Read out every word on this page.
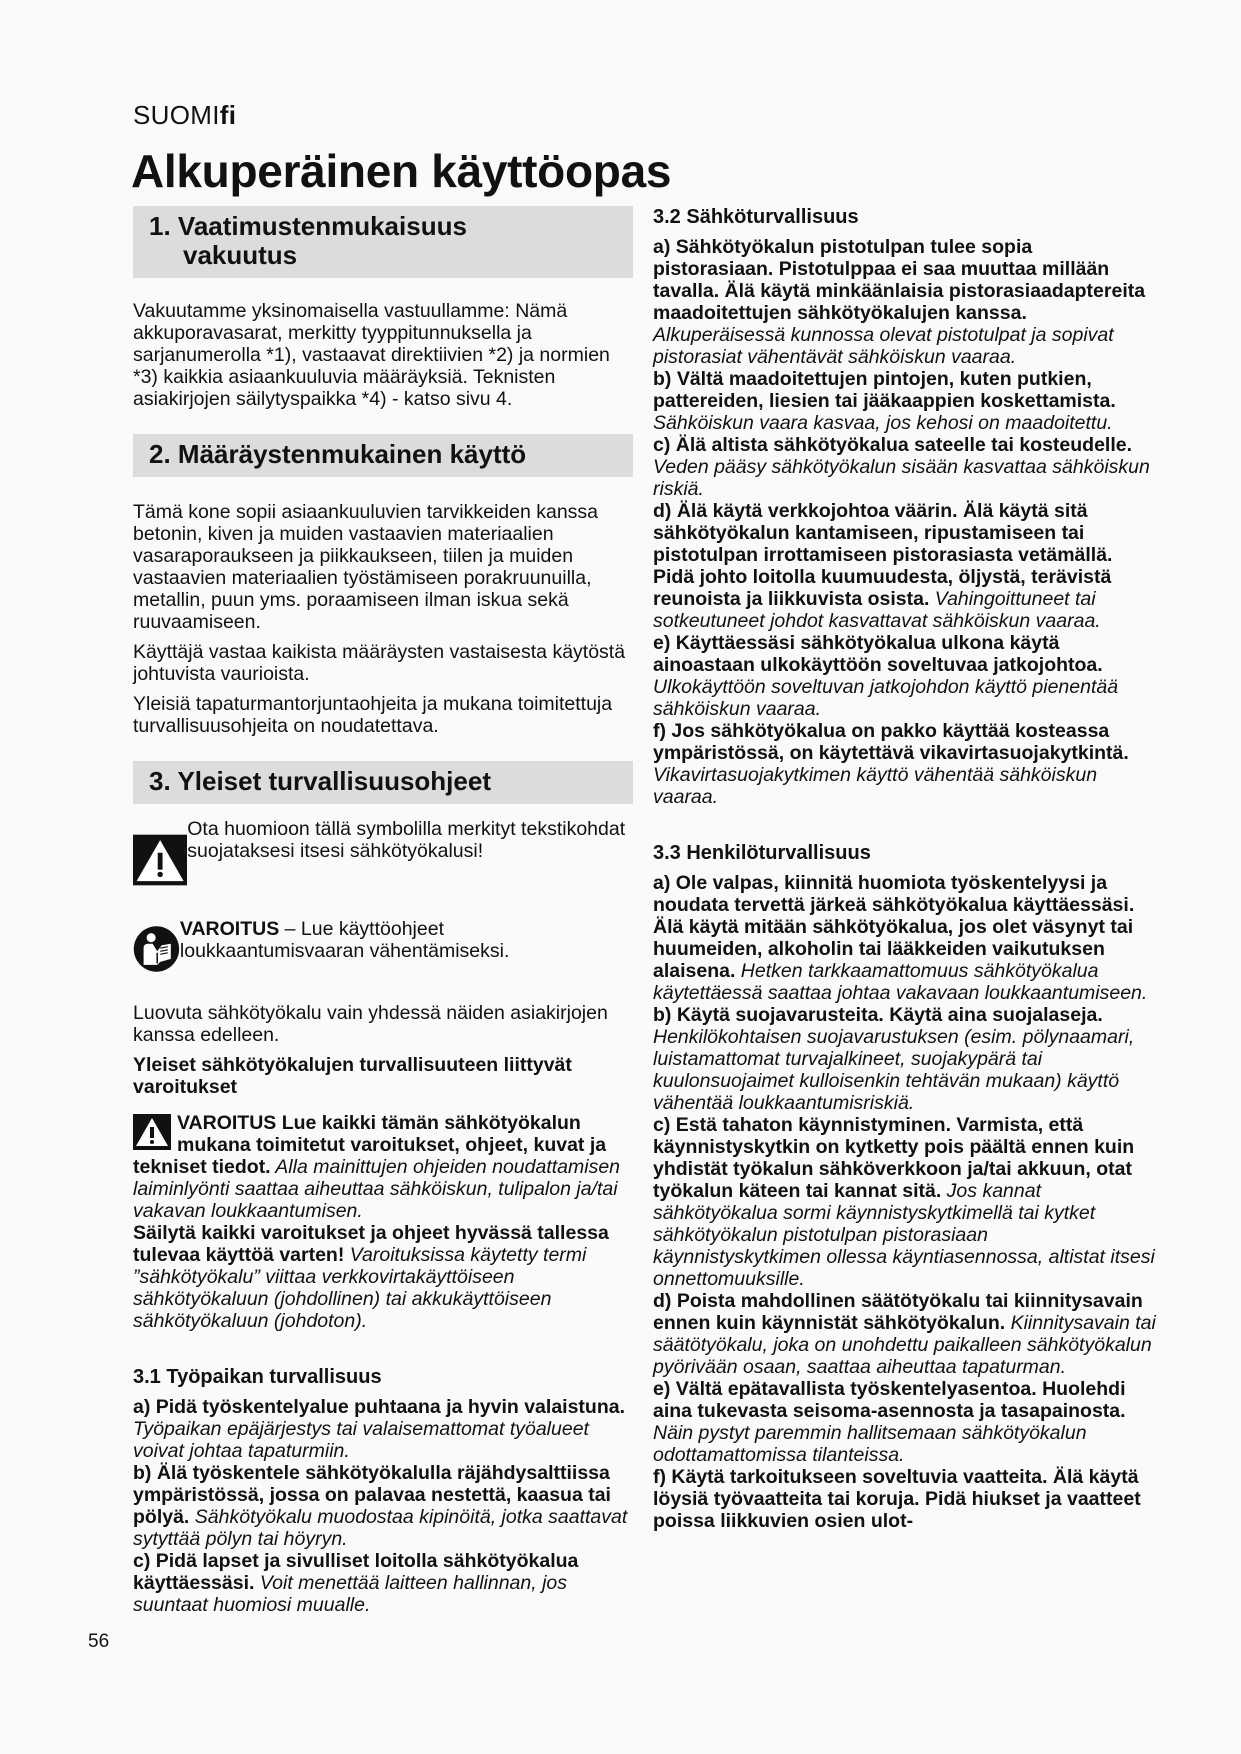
SUOMIfi
Alkuperäinen käyttöopas
1. Vaatimustenmukaisuus
vakuutus

Vakuutamme yksinomaisella vastuullamme: Nämä akkuporavasarat, merkitty tyyppitunnuksella ja sarjanumerolla *1), vastaavat direktiivien *2) ja normien *3) kaikkia asiaankuuluvia määräyksiä. Teknisten asiakirjojen säilytyspaikka *4) - katso sivu 4.

2. Määräystenmukainen käyttö

Tämä kone sopii asiaankuuluvien tarvikkeiden kanssa betonin, kiven ja muiden vastaavien materiaalien vasaraporaukseen ja piikkaukseen, tiilen ja muiden vastaavien materiaalien työstämiseen porakruunuilla, metallin, puun yms. poraamiseen ilman iskua sekä ruuvaamiseen.

Käyttäjä vastaa kaikista määräysten vastaisesta käytöstä johtuvista vaurioista.

Yleisiä tapaturmantorjuntaohjeita ja mukana toimitettuja turvallisuusohjeita on noudatettava.

3. Yleiset turvallisuusohjeet

Ota huomioon tällä symbolilla merkityt tekstikohdat suojataksesi itsesi sähkötyökalusi!

VAROITUS – Lue käyttöohjeet loukkaantumisvaaran vähentämiseksi.

Luovuta sähkötyökalu vain yhdessä näiden asiakirjojen kanssa edelleen.

Yleiset sähkötyökalujen turvallisuuteen liittyvät varoitukset

VAROITUS Lue kaikki tämän sähkötyökalun mukana toimitetut varoitukset, ohjeet, kuvat ja tekniset tiedot. Alla mainittujen ohjeiden noudattamisen laiminlyönti saattaa aiheuttaa sähköiskun, tulipalon ja/tai vakavan loukkaantumisen.

Säilytä kaikki varoitukset ja ohjeet hyvässä tallessa tulevaa käyttöä varten! Varoituksissa käytetty termi ”sähkötyökalu” viittaa verkkovirtakäyttöiseen sähkötyökaluun (johdollinen) tai akkukäyttöiseen sähkötyökaluun (johdoton).

3.1 Työpaikan turvallisuus

a) Pidä työskentelyalue puhtaana ja hyvin valaistuna. Työpaikan epäjärjestys tai valaisemattomat työalueet voivat johtaa tapaturmiin.

b) Älä työskentele sähkötyökalulla räjähdysalttiissa ympäristössä, jossa on palavaa nestettä, kaasua tai pölyä. Sähkötyökalu muodostaa kipinöitä, jotka saattavat sytyttää pölyn tai höyryn.

c) Pidä lapset ja sivulliset loitolla sähkötyökalua käyttäessäsi. Voit menettää laitteen hallinnan, jos suuntaat huomiosi muualle.

3.2 Sähköturvallisuus

a) Sähkötyökalun pistotulpan tulee sopia pistorasiaan. Pistotulppaa ei saa muuttaa millään tavalla. Älä käytä minkäänlaisia pistorasiaadaptereita maadoitettujen sähkötyökalujen kanssa. Alkuperäisessä kunnossa olevat pistotulpat ja sopivat pistorasiat vähentävät sähköiskun vaaraa.

b) Vältä maadoitettujen pintojen, kuten putkien, pattereiden, liesien tai jääkaappien koskettamista. Sähköiskun vaara kasvaa, jos kehosi on maadoitettu.

c) Älä altista sähkötyökalua sateelle tai kosteudelle. Veden pääsy sähkötyökalun sisään kasvattaa sähköiskun riskiä.

d) Älä käytä verkkojohtoa väärin. Älä käytä sitä sähkötyökalun kantamiseen, ripustamiseen tai pistotulpan irrottamiseen pistorasiasta vetämällä. Pidä johto loitolla kuumuudesta, öljystä, terävistä reunoista ja liikkuvista osista. Vahingoittuneet tai sotkeutuneet johdot kasvattavat sähköiskun vaaraa.

e) Käyttäessäsi sähkötyökalua ulkona käytä ainoastaan ulkokäyttöön soveltuvaa jatkojohtoa. Ulkokäyttöön soveltuvan jatkojohdon käyttö pienentää sähköiskun vaaraa.

f) Jos sähkötyökalua on pakko käyttää kosteassa ympäristössä, on käytettävä vikavirtasuojakytkintä. Vikavirtasuojakytkimen käyttö vähentää sähköiskun vaaraa.

3.3 Henkilöturvallisuus

a) Ole valpas, kiinnitä huomiota työskentelyysi ja noudata tervettä järkeä sähkötyökalua käyttäessäsi. Älä käytä mitään sähkötyökalua, jos olet väsynyt tai huumeiden, alkoholin tai lääkkeiden vaikutuksen alaisena. Hetken tarkkaamattomuus sähkötyökalua käytettäessä saattaa johtaa vakavaan loukkaantumiseen.

b) Käytä suojavarusteita. Käytä aina suojalaseja. Henkilökohtaisen suojavarustuksen (esim. pölynaamari, luistamattomat turvajalkineet, suojakypärä tai kuulonsuojaimet kulloisenkin tehtävän mukaan) käyttö vähentää loukkaantumisriskiä.

c) Estä tahaton käynnistyminen. Varmista, että käynnistyskytkin on kytketty pois päältä ennen kuin yhdistät työkalun sähköverkkoon ja/tai akkuun, otat työkalun käteen tai kannat sitä. Jos kannat sähkötyökalua sormi käynnistyskytkimellä tai kytket sähkötyökalun pistotulpan pistorasiaan käynnistyskytkimen ollessa käyntiasennossa, altistat itsesi onnettomuuksille.

d) Poista mahdollinen säätötyökalu tai kiinnitysavain ennen kuin käynnistät sähkötyökalun. Kiinnitysavain tai säätötyökalu, joka on unohdettu paikalleen sähkötyökalun pyörivään osaan, saattaa aiheuttaa tapaturman.

e) Vältä epätavallista työskentelyasentoa. Huolehdi aina tukevasta seisoma-asennosta ja tasapainosta. Näin pystyt paremmin hallitsemaan sähkötyökalun odottamattomissa tilanteissa.

f) Käytä tarkoitukseen soveltuvia vaatteita. Älä käytä löysiä työvaatteita tai koruja. Pidä hiukset ja vaatteet poissa liikkuvien osien ulot-

56
